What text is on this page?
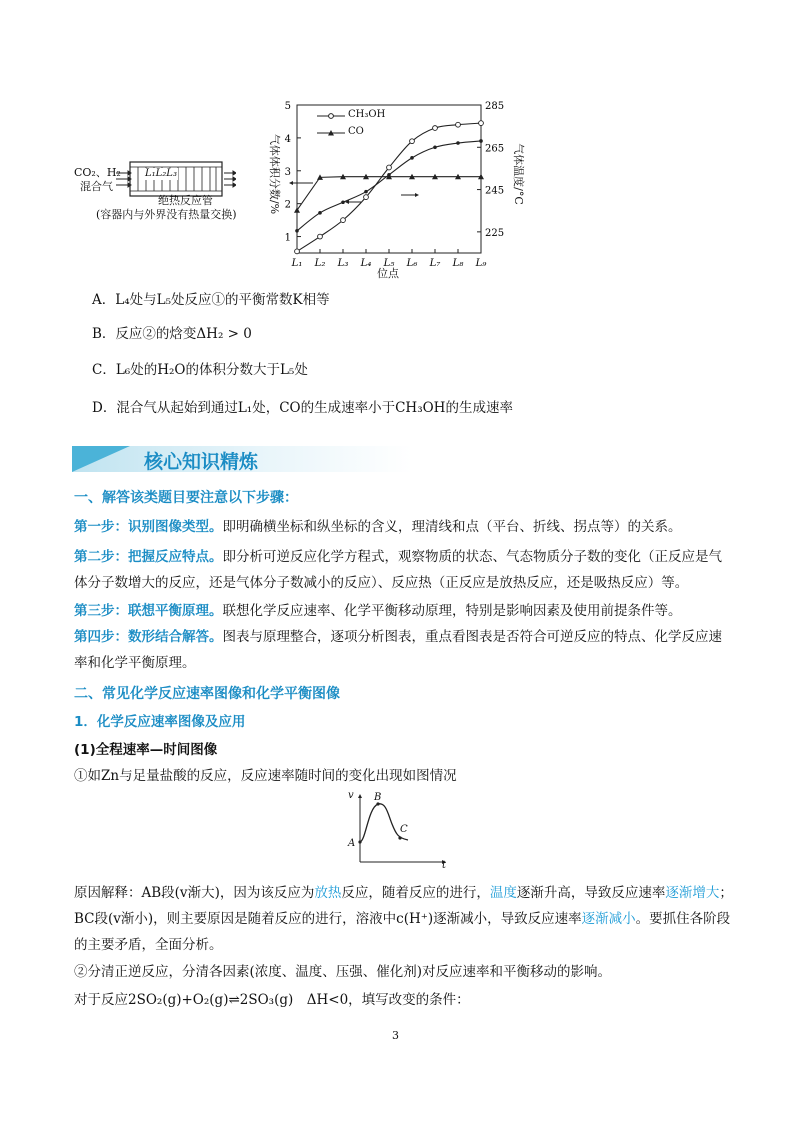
CO₂、H₂
混合气
L₁L₂L₃
绝热反应管
(容器内与外界没有热量交换)
1
2
3
4
5
225
245
265
285
L₁ L₂ L₃ L₄ L₅ L₆ L₇ L₈ L₉
气体体积分数/%	气体温度/°C
位点
CH₃OH
CO
A．L₄处与L₅处反应①的平衡常数K相等
B．反应②的焓变ΔH₂ > 0
C．L₆处的H₂O的体积分数大于L₅处
D．混合气从起始到通过L₁处，CO的生成速率小于CH₃OH的生成速率
核心知识精炼
一、解答该类题目要注意以下步骤：
第一步：识别图像类型。即明确横坐标和纵坐标的含义，理清线和点（平台、折线、拐点等）的关系。
第二步：把握反应特点。即分析可逆反应化学方程式，观察物质的状态、气态物质分子数的变化（正反应是气体分子数增大的反应，还是气体分子数减小的反应）、反应热（正反应是放热反应，还是吸热反应）等。
第三步：联想平衡原理。联想化学反应速率、化学平衡移动原理，特别是影响因素及使用前提条件等。
第四步：数形结合解答。图表与原理整合，逐项分析图表，重点看图表是否符合可逆反应的特点、化学反应速率和化学平衡原理。
二、常见化学反应速率图像和化学平衡图像
1．化学反应速率图像及应用
(1)全程速率—时间图像
①如Zn与足量盐酸的反应，反应速率随时间的变化出现如图情况
v
t
A
B
C
原因解释：AB段(v渐大)，因为该反应为放热反应，随着反应的进行，温度逐渐升高，导致反应速率逐渐增大；BC段(v渐小)，则主要原因是随着反应的进行，溶液中c(H⁺)逐渐减小，导致反应速率逐渐减小。要抓住各阶段的主要矛盾，全面分析。
②分清正逆反应，分清各因素(浓度、温度、压强、催化剂)对反应速率和平衡移动的影响。
对于反应2SO₂(g)+O₂(g)⇌2SO₃(g)　ΔH<0，填写改变的条件：
3
